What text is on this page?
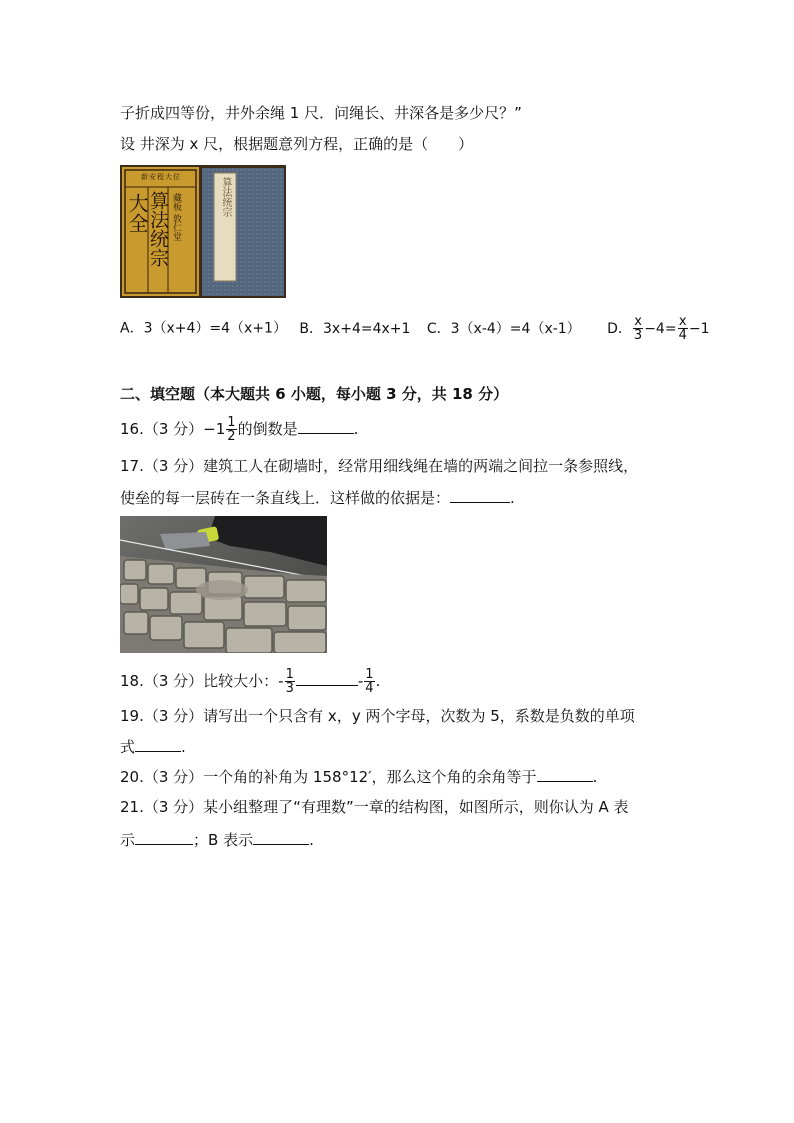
子折成四等份，井外余绳 1 尺．问绳长、井深各是多少尺？”
设 井深为 x 尺，根据题意列方程，正确的是（　　）
新安程大位
大全
算法统宗 藏板 敦仁堂	算法统宗
A．3（x+4）=4（x+1） B．3x+4=4x+1 C．3（x-4）=4（x-1） D． $\frac{x}{3} -4= \frac{x}{4} -1$
二、填空题（本大题共 6 小题，每小题 3 分，共 18 分）
16.（3 分）$-1 \frac{1}{2}$ 的倒数是	.
17.（3 分）建筑工人在砌墙时，经常用细线绳在墙的两端之间拉一条参照线，
使垒的每一层砖在一条直线上．这样做的依据是：	.
18.（3 分）比较大小：- $\frac{1}{3}$	- $\frac{1}{4}$ .
19.（3 分）请写出一个只含有 x，y 两个字母，次数为 5，系数是负数的单项
式	.
20.（3 分）一个角的补角为 158°12′，那么这个角的余角等于	.
21.（3 分）某小组整理了“有理数”一章的结构图，如图所示，则你认为 A 表
示	；B 表示	.
